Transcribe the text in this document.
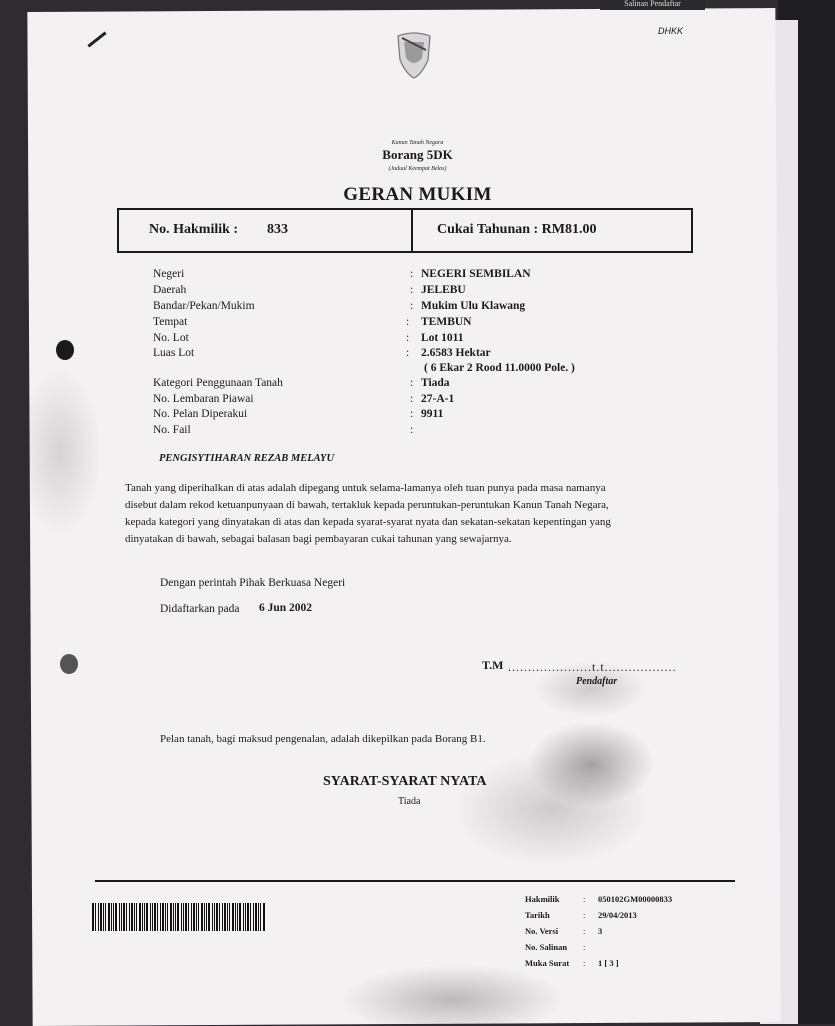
Salinan Pendaftar
DHKK
Kanun Tanah Negara
Borang 5DK
(Jadual Keempat Belas)
GERAN MUKIM
No. Hakmilik : 833	Cukai Tahunan : RM81.00
Negeri	: NEGERI SEMBILAN
Daerah	: JELEBU
Bandar/Pekan/Mukim	: Mukim Ulu Klawang
Tempat	: TEMBUN
No. Lot	: Lot 1011
Luas Lot	: 2.6583 Hektar
( 6 Ekar 2 Rood 11.0000 Pole. )
Kategori Penggunaan Tanah	: Tiada
No. Lembaran Piawai	: 27-A-1
No. Pelan Diperakui	: 9911
No. Fail	:
PENGISYTIHARAN REZAB MELAYU

Tanah yang diperihalkan di atas adalah dipegang untuk selama-lamanya oleh tuan punya pada masa namanya

disebut dalam rekod ketuanpunyaan di bawah, tertakluk kepada peruntukan-peruntukan Kanun Tanah Negara,

kepada kategori yang dinyatakan di atas dan kepada syarat-syarat nyata dan sekatan-sekatan kepentingan yang

dinyatakan di bawah, sebagai balasan bagi pembayaran cukai tahunan yang sewajarnya.

Dengan perintah Pihak Berkuasa Negeri
Didaftarkan pada 6 Jun 2002
T.M .....................t.t..................
Pendaftar
Pelan tanah, bagi maksud pengenalan, adalah dikepilkan pada Borang B1.
SYARAT-SYARAT NYATA
Tiada
Hakmilik	: 050102GM00000833
Tarikh	: 29/04/2013
No. Versi	: 3
No. Salinan :
Muka Surat : 1 [ 3 ]
